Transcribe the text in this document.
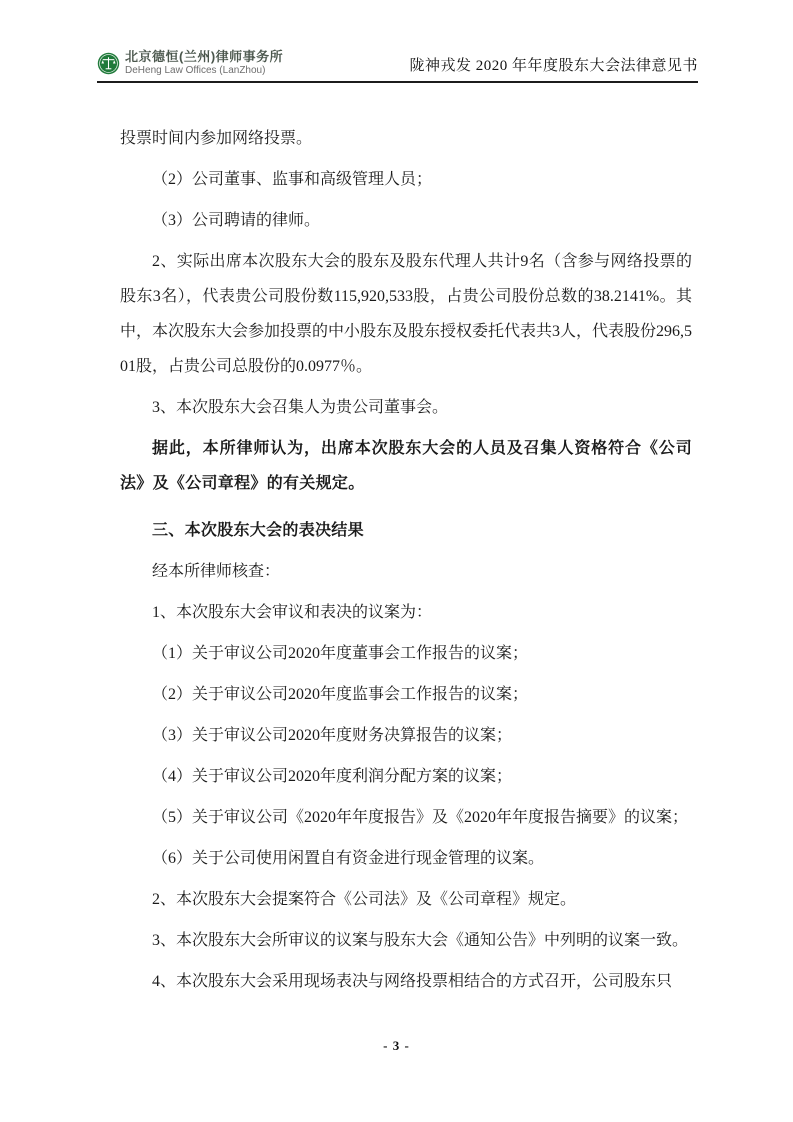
北京德恒(兰州)律师事务所
DeHeng Law Offices (LanZhou)	陇神戎发 2020 年年度股东大会法律意见书

投票时间内参加网络投票。

（2）公司董事、监事和高级管理人员；

（3）公司聘请的律师。

2、实际出席本次股东大会的股东及股东代理人共计9名（含参与网络投票的股东3名），代表贵公司股份数115,920,533股，占贵公司股份总数的38.2141%。其中，本次股东大会参加投票的中小股东及股东授权委托代表共3人，代表股份296,501股，占贵公司总股份的0.0977％。

3、本次股东大会召集人为贵公司董事会。

据此，本所律师认为，出席本次股东大会的人员及召集人资格符合《公司法》及《公司章程》的有关规定。

三、本次股东大会的表决结果

经本所律师核查：

1、本次股东大会审议和表决的议案为：

（1）关于审议公司2020年度董事会工作报告的议案；

（2）关于审议公司2020年度监事会工作报告的议案；

（3）关于审议公司2020年度财务决算报告的议案；

（4）关于审议公司2020年度利润分配方案的议案；

（5）关于审议公司《2020年年度报告》及《2020年年度报告摘要》的议案；

（6）关于公司使用闲置自有资金进行现金管理的议案。

2、本次股东大会提案符合《公司法》及《公司章程》规定。

3、本次股东大会所审议的议案与股东大会《通知公告》中列明的议案一致。

4、本次股东大会采用现场表决与网络投票相结合的方式召开，公司股东只

- 3 -
